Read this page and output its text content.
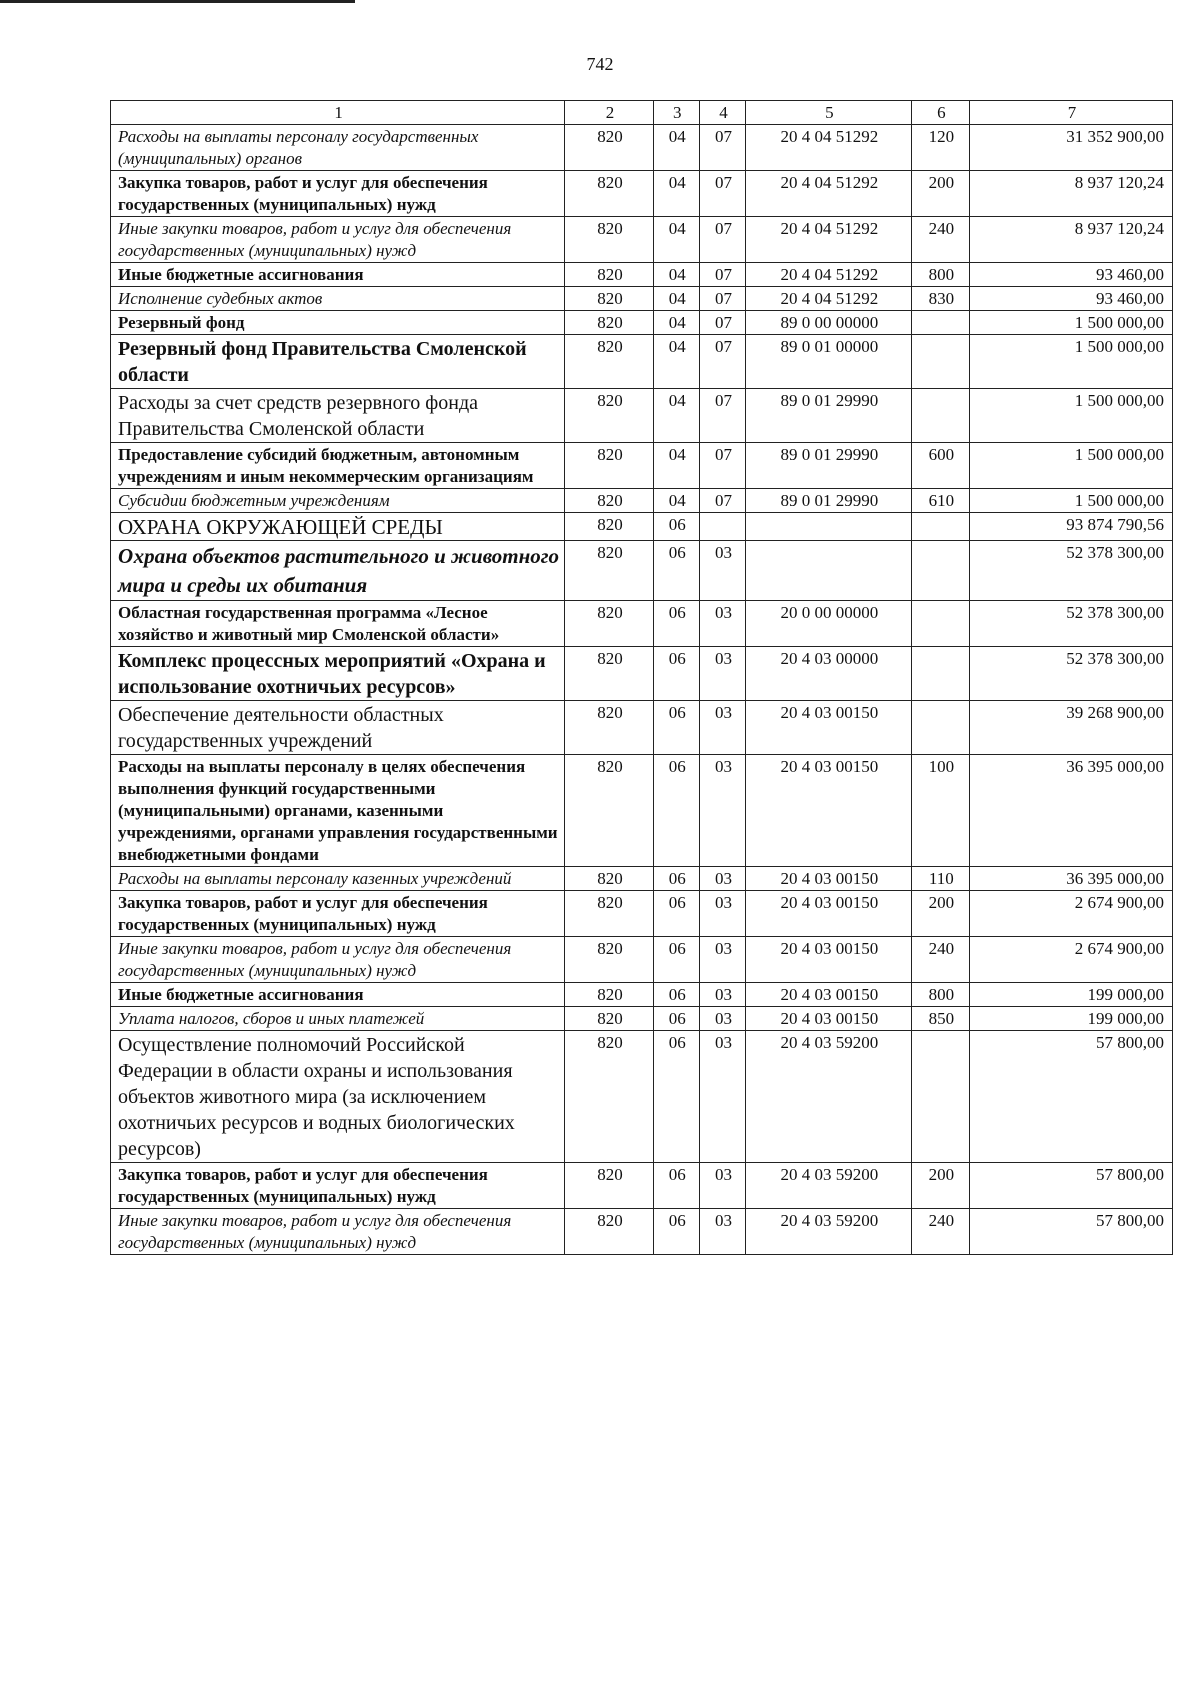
742
1	2	3	4	5	6	7
Расходы на выплаты персоналу государственных (муниципальных) органов	820	04	07	20 4 04 51292	120	31 352 900,00
Закупка товаров, работ и услуг для обеспечения государственных (муниципальных) нужд	820	04	07	20 4 04 51292	200	8 937 120,24
Иные закупки товаров, работ и услуг для обеспечения государственных (муниципальных) нужд	820	04	07	20 4 04 51292	240	8 937 120,24
Иные бюджетные ассигнования	820	04	07	20 4 04 51292	800	93 460,00
Исполнение судебных актов	820	04	07	20 4 04 51292	830	93 460,00
Резервный фонд	820	04	07	89 0 00 00000		1 500 000,00
Резервный фонд Правительства Смоленской области	820	04	07	89 0 01 00000		1 500 000,00
Расходы за счет средств резервного фонда Правительства Смоленской области	820	04	07	89 0 01 29990		1 500 000,00
Предоставление субсидий бюджетным, автономным учреждениям и иным некоммерческим организациям	820	04	07	89 0 01 29990	600	1 500 000,00
Субсидии бюджетным учреждениям	820	04	07	89 0 01 29990	610	1 500 000,00
ОХРАНА ОКРУЖАЮЩЕЙ СРЕДЫ	820	06				93 874 790,56
Охрана объектов растительного и животного мира и среды их обитания	820	06	03			52 378 300,00
Областная государственная программа «Лесное хозяйство и животный мир Смоленской области»	820	06	03	20 0 00 00000		52 378 300,00
Комплекс процессных мероприятий «Охрана и использование охотничьих ресурсов»	820	06	03	20 4 03 00000		52 378 300,00
Обеспечение деятельности областных государственных учреждений	820	06	03	20 4 03 00150		39 268 900,00
Расходы на выплаты персоналу в целях обеспечения выполнения функций государственными (муниципальными) органами, казенными учреждениями, органами управления государственными внебюджетными фондами	820	06	03	20 4 03 00150	100	36 395 000,00
Расходы на выплаты персоналу казенных учреждений	820	06	03	20 4 03 00150	110	36 395 000,00
Закупка товаров, работ и услуг для обеспечения государственных (муниципальных) нужд	820	06	03	20 4 03 00150	200	2 674 900,00
Иные закупки товаров, работ и услуг для обеспечения государственных (муниципальных) нужд	820	06	03	20 4 03 00150	240	2 674 900,00
Иные бюджетные ассигнования	820	06	03	20 4 03 00150	800	199 000,00
Уплата налогов, сборов и иных платежей	820	06	03	20 4 03 00150	850	199 000,00
Осуществление полномочий Российской Федерации в области охраны и использования объектов животного мира (за исключением охотничьих ресурсов и водных биологических ресурсов)	820	06	03	20 4 03 59200		57 800,00
Закупка товаров, работ и услуг для обеспечения государственных (муниципальных) нужд	820	06	03	20 4 03 59200	200	57 800,00
Иные закупки товаров, работ и услуг для обеспечения государственных (муниципальных) нужд	820	06	03	20 4 03 59200	240	57 800,00
